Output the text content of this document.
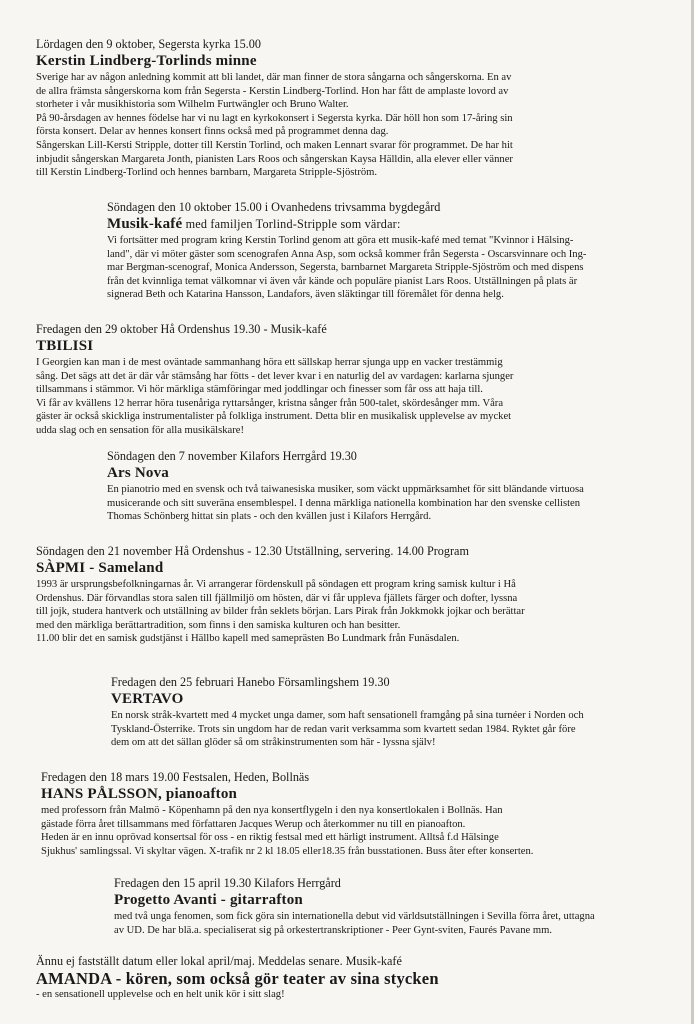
Lördagen den 9 oktober, Segersta kyrka 15.00
Kerstin Lindberg-Torlinds minne

Sverige har av någon anledning kommit att bli landet, där man finner de stora sångarna och sångerskorna. En av

de allra främsta sångerskorna kom från Segersta - Kerstin Lindberg-Torlind. Hon har fått de amplaste lovord av

storheter i vår musikhistoria som Wilhelm Furtwängler och Bruno Walter.

På 90-årsdagen av hennes födelse har vi nu lagt en kyrkokonsert i Segersta kyrka. Där höll hon som 17-åring sin

första konsert. Delar av hennes konsert finns också med på programmet denna dag.

Sångerskan Lill-Kersti Stripple, dotter till Kerstin Torlind, och maken Lennart svarar för programmet. De har hit

inbjudit sångerskan Margareta Jonth, pianisten Lars Roos och sångerskan Kaysa Hälldin, alla elever eller vänner

till Kerstin Lindberg-Torlind och hennes barnbarn, Margareta Stripple-Sjöström.

Söndagen den 10 oktober 15.00 i Ovanhedens trivsamma bygdegård
Musik-kafé med familjen Torlind-Stripple som värdar:

Vi fortsätter med program kring Kerstin Torlind genom att göra ett musik-kafé med temat "Kvinnor i Hälsing-

land", där vi möter gäster som scenografen Anna Asp, som också kommer från Segersta - Oscarsvinnare och Ing-

mar Bergman-scenograf, Monica Andersson, Segersta, barnbarnet Margareta Stripple-Sjöström och med dispens

från det kvinnliga temat välkomnar vi även vår kände och populäre pianist Lars Roos. Utställningen på plats är

signerad Beth och Katarina Hansson, Landafors, även släktingar till föremålet för denna helg.

Fredagen den 29 oktober Hå Ordenshus 19.30 - Musik-kafé
TBILISI

I Georgien kan man i de mest oväntade sammanhang höra ett sällskap herrar sjunga upp en vacker trestämmig

sång. Det sägs att det är där vår stämsång har fötts - det lever kvar i en naturlig del av vardagen: karlarna sjunger

tillsammans i stämmor. Vi hör märkliga stämföringar med joddlingar och finesser som får oss att haja till.

Vi får av kvällens 12 herrar höra tusenåriga ryttarsånger, kristna sånger från 500-talet, skördesånger mm. Våra

gäster är också skickliga instrumentalister på folkliga instrument. Detta blir en musikalisk upplevelse av mycket

udda slag och en sensation för alla musikälskare!

Söndagen den 7 november Kilafors Herrgård 19.30
Ars Nova

En pianotrio med en svensk och två taiwanesiska musiker, som väckt uppmärksamhet för sitt bländande virtuosa

musicerande och sitt suveräna ensemblespel. I denna märkliga nationella kombination har den svenske cellisten

Thomas Schönberg hittat sin plats - och den kvällen just i Kilafors Herrgård.

Söndagen den 21 november Hå Ordenshus - 12.30 Utställning, servering. 14.00 Program
SÀPMI - Sameland

1993 är ursprungsbefolkningarnas år. Vi arrangerar fördenskull på söndagen ett program kring samisk kultur i Hå

Ordenshus. Där förvandlas stora salen till fjällmiljö om hösten, där vi får uppleva fjällets färger och dofter, lyssna

till jojk, studera hantverk och utställning av bilder från seklets början. Lars Pirak från Jokkmokk jojkar och berättar

med den märkliga berättartradition, som finns i den samiska kulturen och han besitter.

11.00 blir det en samisk gudstjänst i Hällbo kapell med sameprästen Bo Lundmark från Funäsdalen.

Fredagen den 25 februari Hanebo Församlingshem 19.30
VERTAVO

En norsk stråk-kvartett med 4 mycket unga damer, som haft sensationell framgång på sina turnéer i Norden och

Tyskland-Österrike. Trots sin ungdom har de redan varit verksamma som kvartett sedan 1984. Ryktet går före

dem om att det sällan glöder så om stråkinstrumenten som här - lyssna själv!

Fredagen den 18 mars 19.00 Festsalen, Heden, Bollnäs
HANS PÅLSSON, pianoafton

med professorn från Malmö - Köpenhamn på den nya konsertflygeln i den nya konsertlokalen i Bollnäs. Han

gästade förra året tillsammans med författaren Jacques Werup och återkommer nu till en pianoafton.

Heden är en innu oprövad konsertsal för oss - en riktig festsal med ett härligt instrument. Alltså f.d Hälsinge

Sjukhus' samlingssal. Vi skyltar vägen. X-trafik nr 2 kl 18.05 eller18.35 från busstationen. Buss åter efter konserten.

Fredagen den 15 april 19.30 Kilafors Herrgård
Progetto Avanti - gitarrafton

med två unga fenomen, som fick göra sin internationella debut vid världsutställningen i Sevilla förra året, uttagna

av UD. De har blä.a. specialiserat sig på orkestertranskriptioner - Peer Gynt-sviten, Faurés Pavane mm.

Ännu ej fastställt datum eller lokal april/maj. Meddelas senare. Musik-kafé
AMANDA - kören, som också gör teater av sina stycken

- en sensationell upplevelse och en helt unik kör i sitt slag!
